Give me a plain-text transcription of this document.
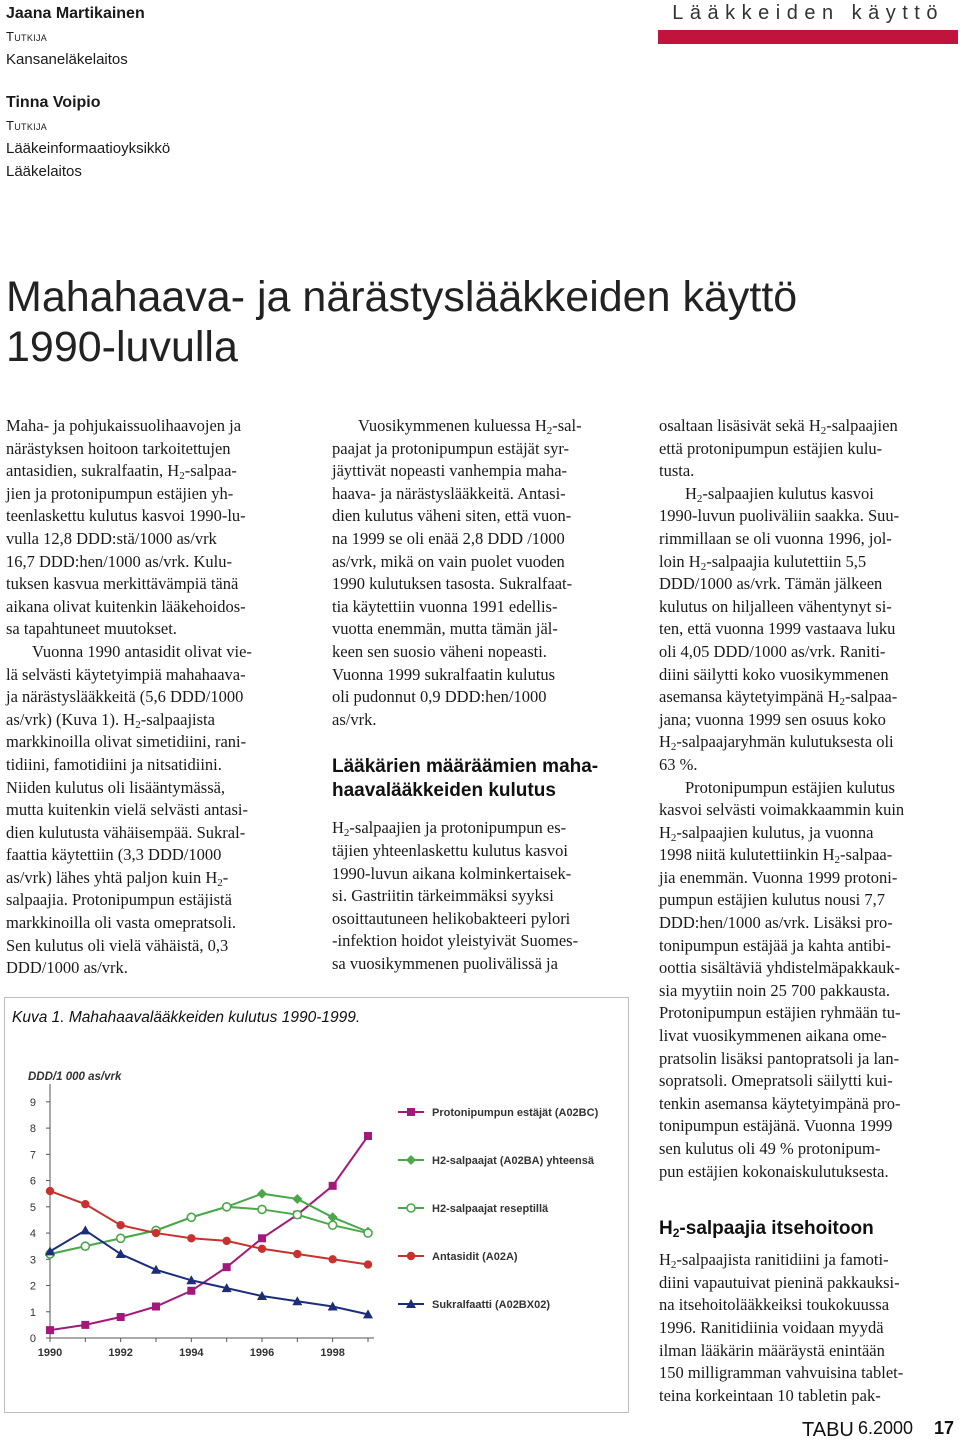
Jaana Martikainen
Tutkija
Kansaneläkelaitos
Tinna Voipio
Tutkija
Lääkeinformaatioyksikkö
Lääkelaitos
Lääkkeiden käyttö
Mahahaava- ja närästyslääkkeiden käyttö
1990-luvulla

Maha- ja pohjukaissuolihaavojen ja
närästyksen hoitoon tarkoitettujen
antasidien, sukralfaatin, $H_2-salpaa-$
jien ja protonipumpun estäjien yh-
teenlaskettu kulutus kasvoi 1990-lu-
vulla 12,8 DDD:stä/1000 as/vrk
16,7 DDD:hen/1000 as/vrk. Kulu-
tuksen kasvua merkittävämpiä tänä
aikana olivat kuitenkin lääkehoidos-
sa tapahtuneet muutokset.

Vuonna 1990 antasidit olivat vie-
lä selvästi käytetyimpiä mahahaava-
ja närästyslääkkeitä (5,6 DDD/1000
as/vrk) (Kuva 1). $H_2$-salpaajista
markkinoilla olivat simetidiini, rani-
tidiini, famotidiini ja nitsatidiini.
Niiden kulutus oli lisääntymässä,
mutta kuitenkin vielä selvästi antasi-
dien kulutusta vähäisempää. Sukral-
faattia käytettiin (3,3 DDD/1000
as/vrk) lähes yhtä paljon kuin $H_2-$
salpaajia. Protonipumpun estäjistä
markkinoilla oli vasta omepratsoli.
Sen kulutus oli vielä vähäistä, 0,3
DDD/1000 as/vrk.

Vuosikymmenen kuluessa $H_2-sal-$
paajat ja protonipumpun estäjät syr-
jäyttivät nopeasti vanhempia maha-
haava- ja närästyslääkkeitä. Antasi-
dien kulutus väheni siten, että vuon-
na 1999 se oli enää 2,8 DDD /1000
as/vrk, mikä on vain puolet vuoden
1990 kulutuksen tasosta. Sukralfaat-
tia käytettiin vuonna 1991 edellis-
vuotta enemmän, mutta tämän jäl-
keen sen suosio väheni nopeasti.
Vuonna 1999 sukralfaatin kulutus
oli pudonnut 0,9 DDD:hen/1000
as/vrk.

Lääkärien määräämien maha-
haavalääkkeiden kulutus

$H_2$-salpaajien ja protonipumpun es-
täjien yhteenlaskettu kulutus kasvoi
1990-luvun aikana kolminkertaisek-
si. Gastriitin tärkeimmäksi syyksi
osoittautuneen helikobakteeri pylori
-infektion hoidot yleistyivät Suomes-
sa vuosikymmenen puolivälissä ja

osaltaan lisäsivät sekä $H_2$-salpaajien
että protonipumpun estäjien kulu-
tusta.

$H_2$-salpaajien kulutus kasvoi
1990-luvun puoliväliin saakka. Suu-
rimmillaan se oli vuonna 1996, jol-
loin $H_2$-salpaajia kulutettiin 5,5
DDD/1000 as/vrk. Tämän jälkeen
kulutus on hiljalleen vähentynyt si-
ten, että vuonna 1999 vastaava luku
oli 4,05 DDD/1000 as/vrk. Raniti-
diini säilytti koko vuosikymmenen
asemansa käytetyimpänä $H_2-salpaa-$
jana; vuonna 1999 sen osuus koko
$H_2$-salpaajaryhmän kulutuksesta oli
63 %.

Protonipumpun estäjien kulutus
kasvoi selvästi voimakkaammin kuin
$H_2$-salpaajien kulutus, ja vuonna
1998 niitä kulutettiinkin $H_2-salpaa-$
jia enemmän. Vuonna 1999 protoni-
pumpun estäjien kulutus nousi 7,7
DDD:hen/1000 as/vrk. Lisäksi pro-
tonipumpun estäjää ja kahta antibi-
oottia sisältäviä yhdistelmäpakkauk-
sia myytiin noin 25 700 pakkausta.
Protonipumpun estäjien ryhmään tu-
livat vuosikymmenen aikana ome-
pratsolin lisäksi pantopratsoli ja lan-
sopratsoli. Omepratsoli säilytti kui-
tenkin asemansa käytetyimpänä pro-
tonipumpun estäjänä. Vuonna 1999
sen kulutus oli 49 % protonipum-
pun estäjien kokonaiskulutuksesta.

$H_2$-salpaajia itsehoitoon

$H_2$-salpaajista ranitidiini ja famoti-
diini vapautuivat pieninä pakkauksi-
na itsehoitolääkkeiksi toukokuussa
1996. Ranitidiinia voidaan myydä
ilman lääkärin määräystä enintään
150 milligramman vahvuisina tablet-
teina korkeintaan 10 tabletin pak-

Kuva 1. Mahahaavalääkkeiden kulutus 1990-1999.
DDD/1 000 as/vrk
0
1
2
3
4
5
6
7
8
9
1990	1992	1994	1996	1998
Protonipumpun estäjät (A02BC)
H2-salpaajat (A02BA) yhteensä
H2-salpaajat reseptillä
Antasidit (A02A)
Sukralfaatti (A02BX02)
TABU 6.2000 17
